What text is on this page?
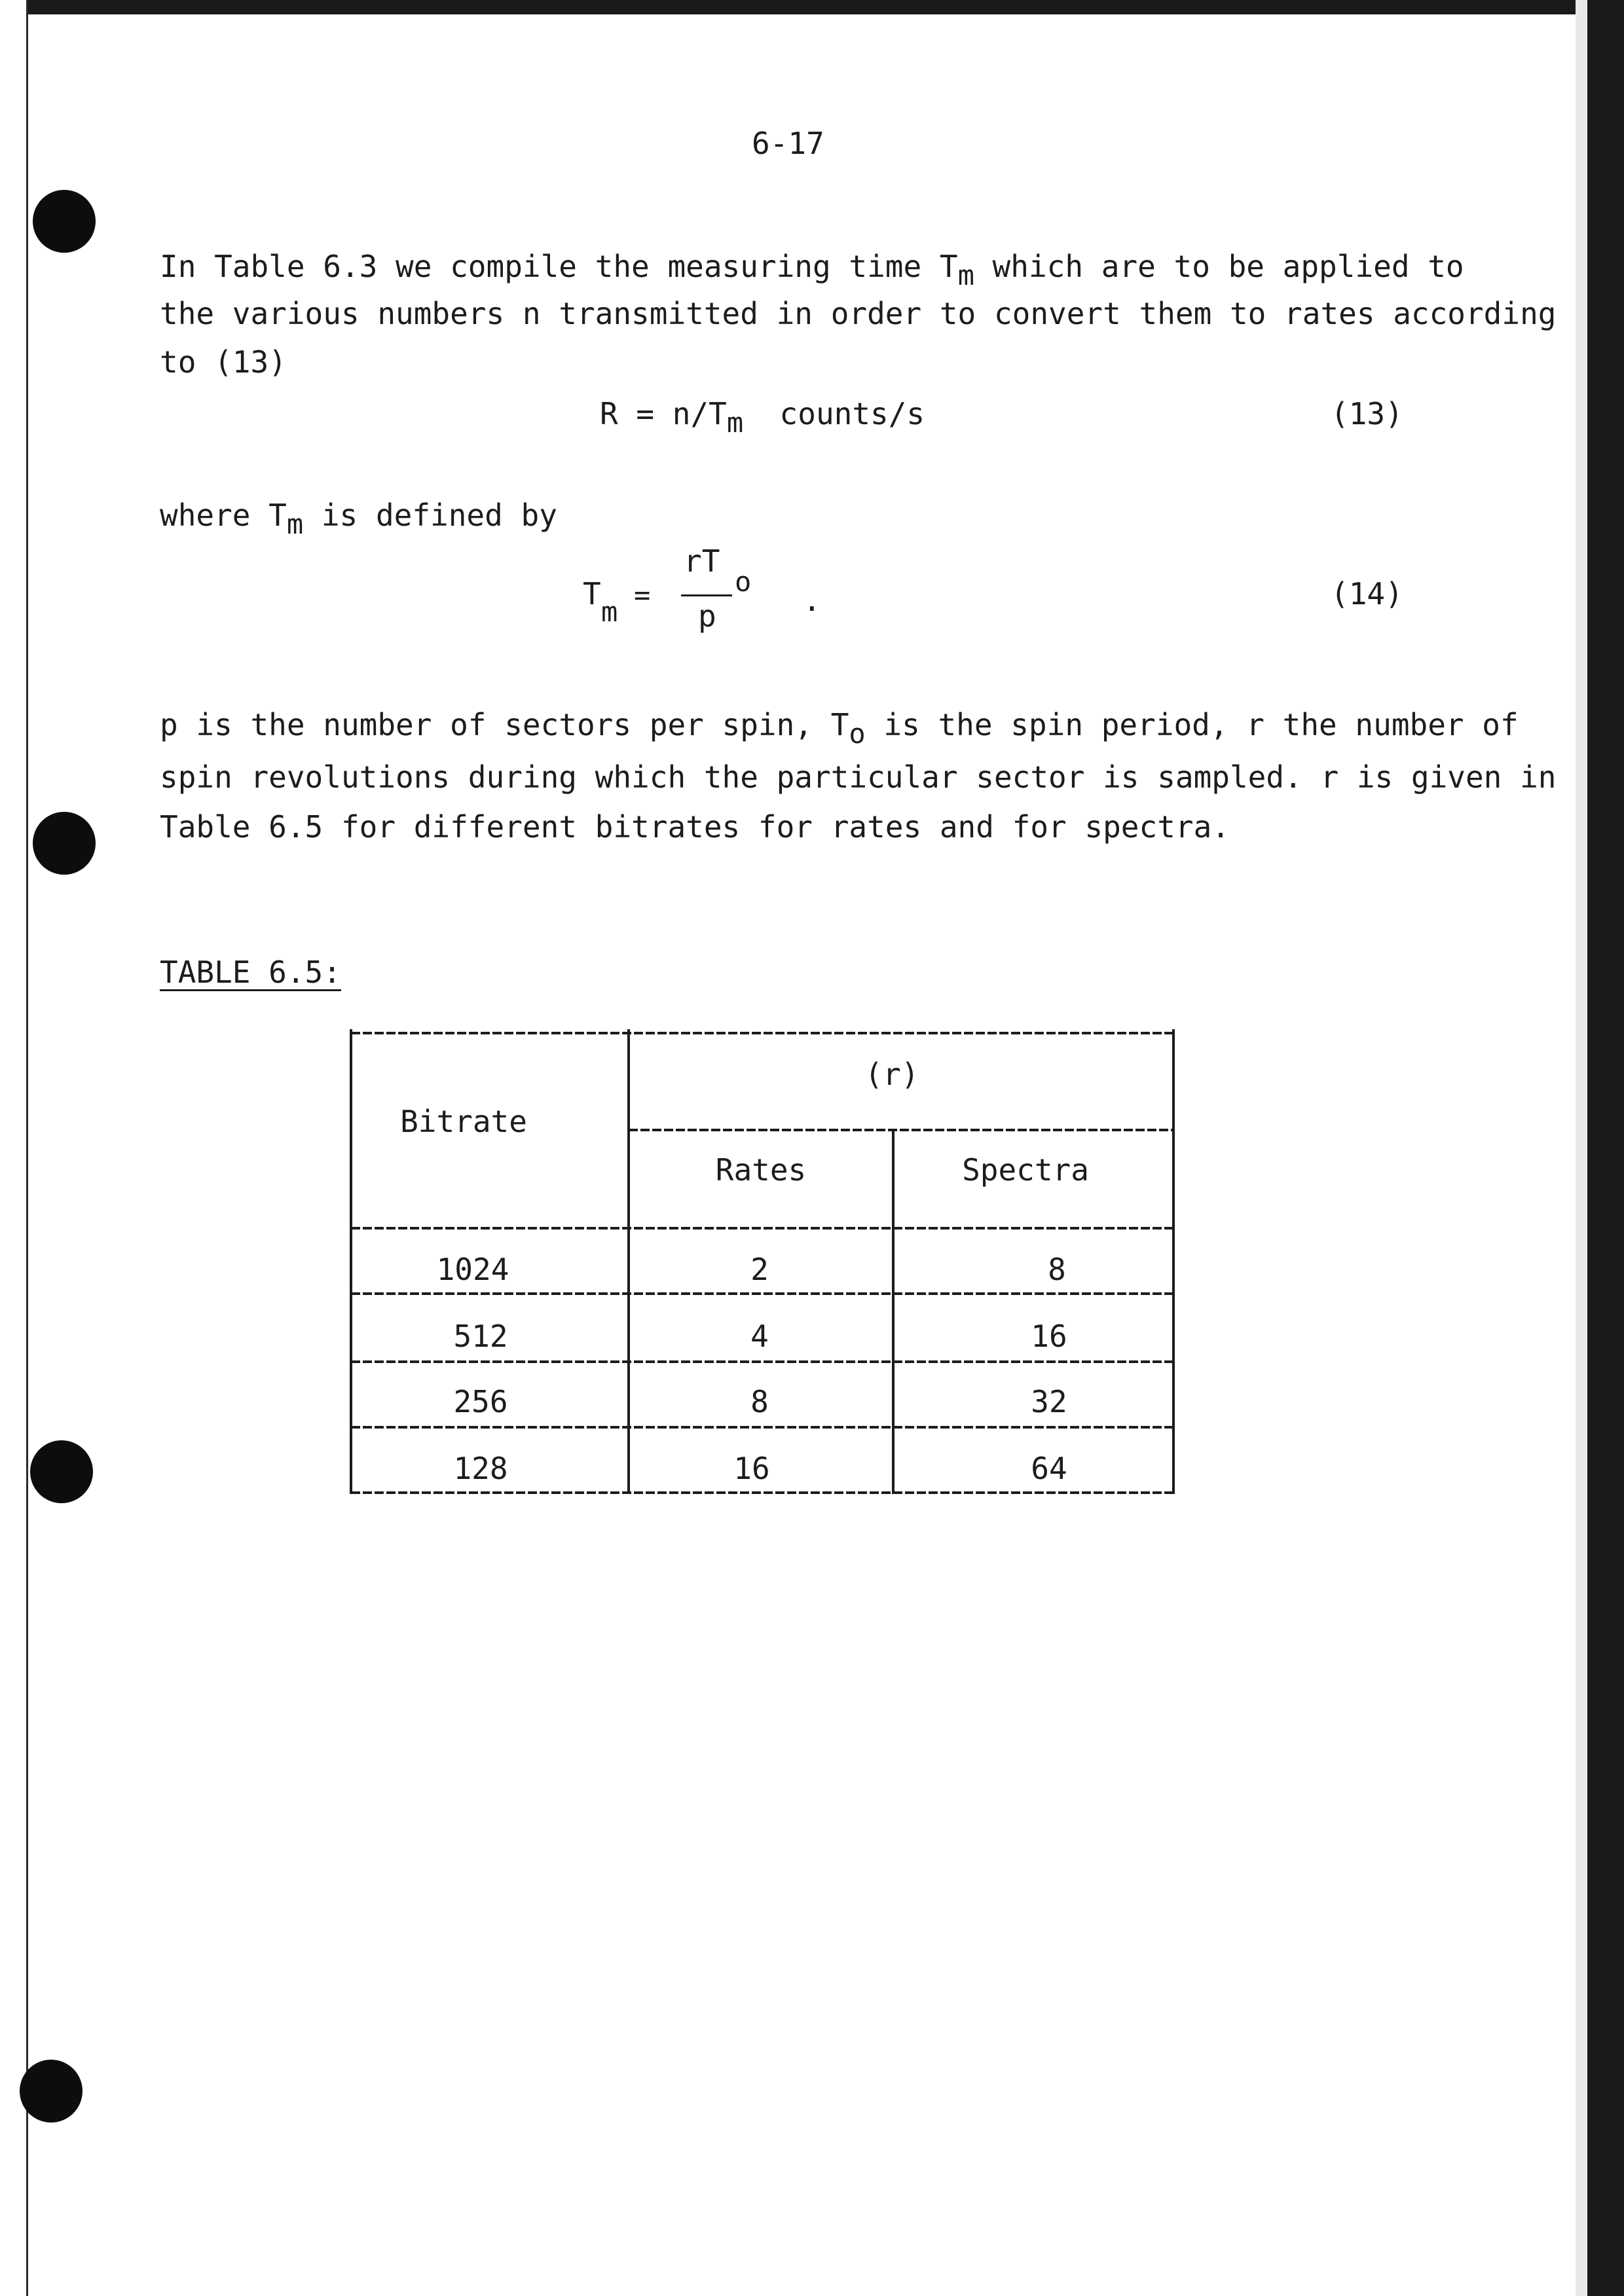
6-17
In Table 6.3 we compile the measuring time Tm which are to be applied to
the various numbers n transmitted in order to convert them to rates according
to (13)
R = n/Tm  counts/s	(13)
where Tm is defined by
T
m
=
rT
o
p	.	(14)
p is the number of sectors per spin, To is the spin period, r the number of
spin revolutions during which the particular sector is sampled. r is given in
Table 6.5 for different bitrates for rates and for spectra.
TABLE 6.5:
Bitrate
(r)
Rates	Spectra
1024	2	8
512	4	16
256	8	32
128	16	64
